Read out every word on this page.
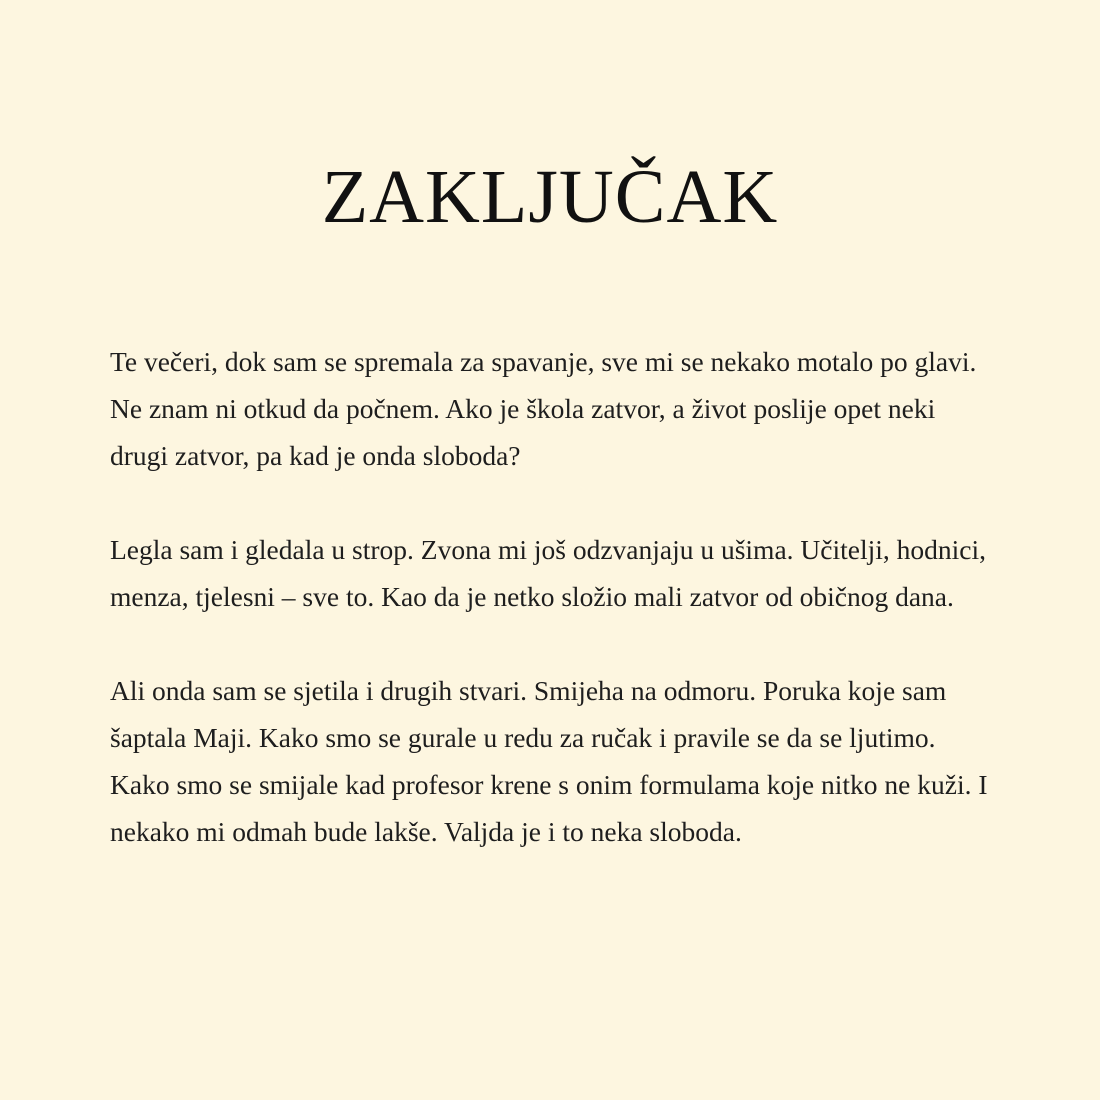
ZAKLJUČAK

Te večeri, dok sam se spremala za spavanje, sve mi se nekako motalo po glavi. Ne znam ni otkud da počnem. Ako je škola zatvor, a život poslije opet neki drugi zatvor, pa kad je onda sloboda?

Legla sam i gledala u strop. Zvona mi još odzvanjaju u ušima. Učitelji, hodnici, menza, tjelesni – sve to. Kao da je netko složio mali zatvor od običnog dana.

Ali onda sam se sjetila i drugih stvari. Smijeha na odmoru. Poruka koje sam šaptala Maji. Kako smo se gurale u redu za ručak i pravile se da se ljutimo. Kako smo se smijale kad profesor krene s onim formulama koje nitko ne kuži. I nekako mi odmah bude lakše. Valjda je i to neka sloboda.
